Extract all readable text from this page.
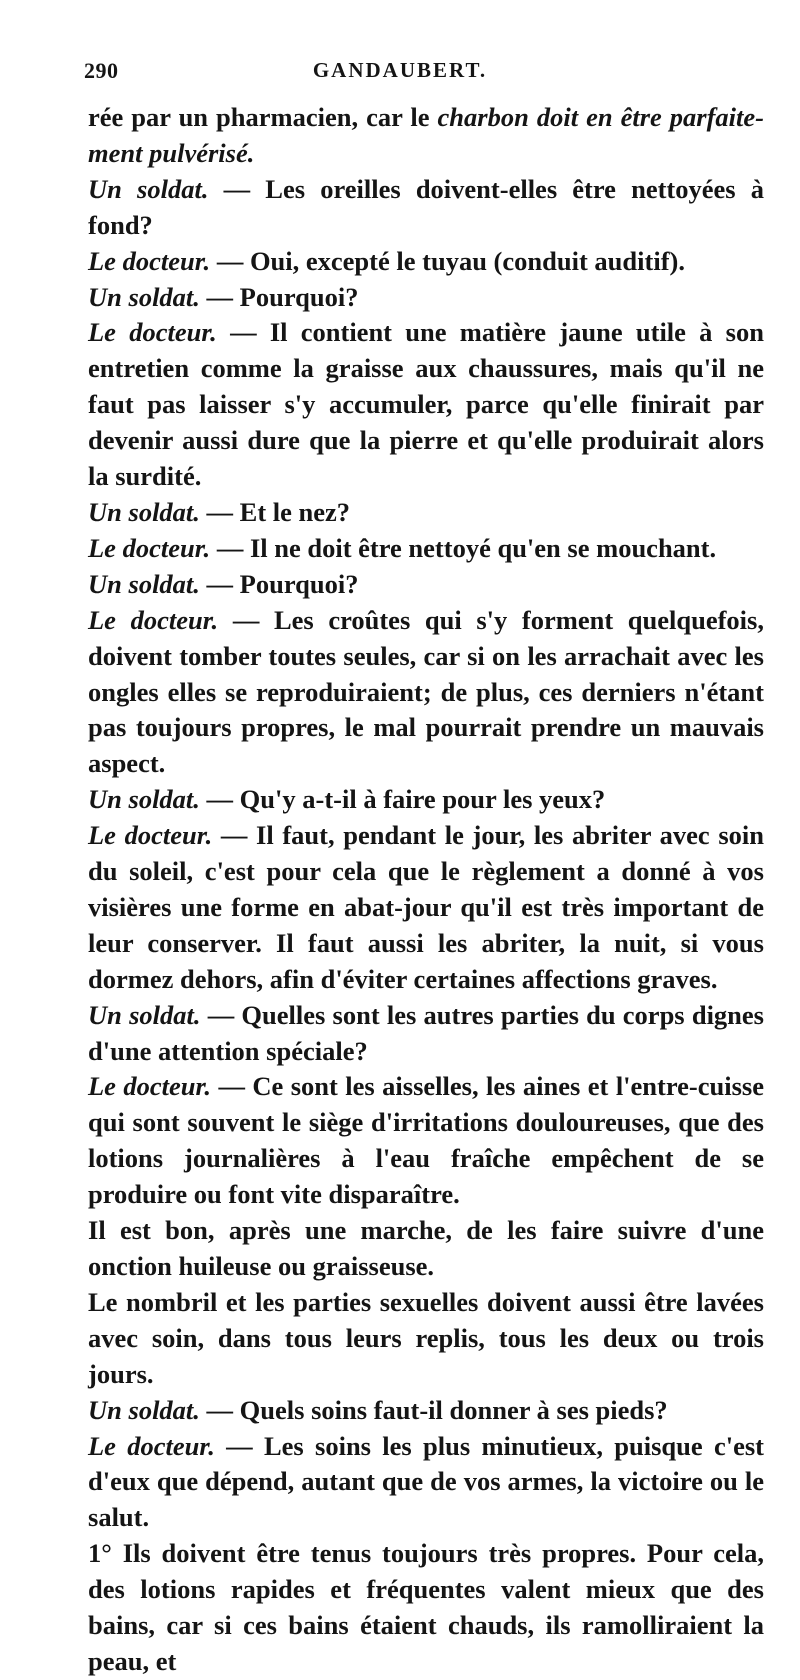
290	GANDAUBERT.

rée par un pharmacien, car le charbon doit en être parfaite-ment pulvérisé.

Un soldat. — Les oreilles doivent-elles être nettoyées à fond?

Le docteur. — Oui, excepté le tuyau (conduit auditif).

Un soldat. — Pourquoi?

Le docteur. — Il contient une matière jaune utile à son entretien comme la graisse aux chaussures, mais qu'il ne faut pas laisser s'y accumuler, parce qu'elle finirait par devenir aussi dure que la pierre et qu'elle produirait alors la surdité.

Un soldat. — Et le nez?

Le docteur. — Il ne doit être nettoyé qu'en se mouchant.

Un soldat. — Pourquoi?

Le docteur. — Les croûtes qui s'y forment quelquefois, doivent tomber toutes seules, car si on les arrachait avec les ongles elles se reproduiraient; de plus, ces derniers n'étant pas toujours propres, le mal pourrait prendre un mauvais aspect.

Un soldat. — Qu'y a-t-il à faire pour les yeux?

Le docteur. — Il faut, pendant le jour, les abriter avec soin du soleil, c'est pour cela que le règlement a donné à vos visières une forme en abat-jour qu'il est très important de leur conserver. Il faut aussi les abriter, la nuit, si vous dormez dehors, afin d'éviter certaines affections graves.

Un soldat. — Quelles sont les autres parties du corps dignes d'une attention spéciale?

Le docteur. — Ce sont les aisselles, les aines et l'entre-cuisse qui sont souvent le siège d'irritations douloureuses, que des lotions journalières à l'eau fraîche empêchent de se produire ou font vite disparaître.

Il est bon, après une marche, de les faire suivre d'une onction huileuse ou graisseuse.

Le nombril et les parties sexuelles doivent aussi être lavées avec soin, dans tous leurs replis, tous les deux ou trois jours.

Un soldat. — Quels soins faut-il donner à ses pieds?

Le docteur. — Les soins les plus minutieux, puisque c'est d'eux que dépend, autant que de vos armes, la victoire ou le salut.

1° Ils doivent être tenus toujours très propres. Pour cela, des lotions rapides et fréquentes valent mieux que des bains, car si ces bains étaient chauds, ils ramolliraient la peau, et
